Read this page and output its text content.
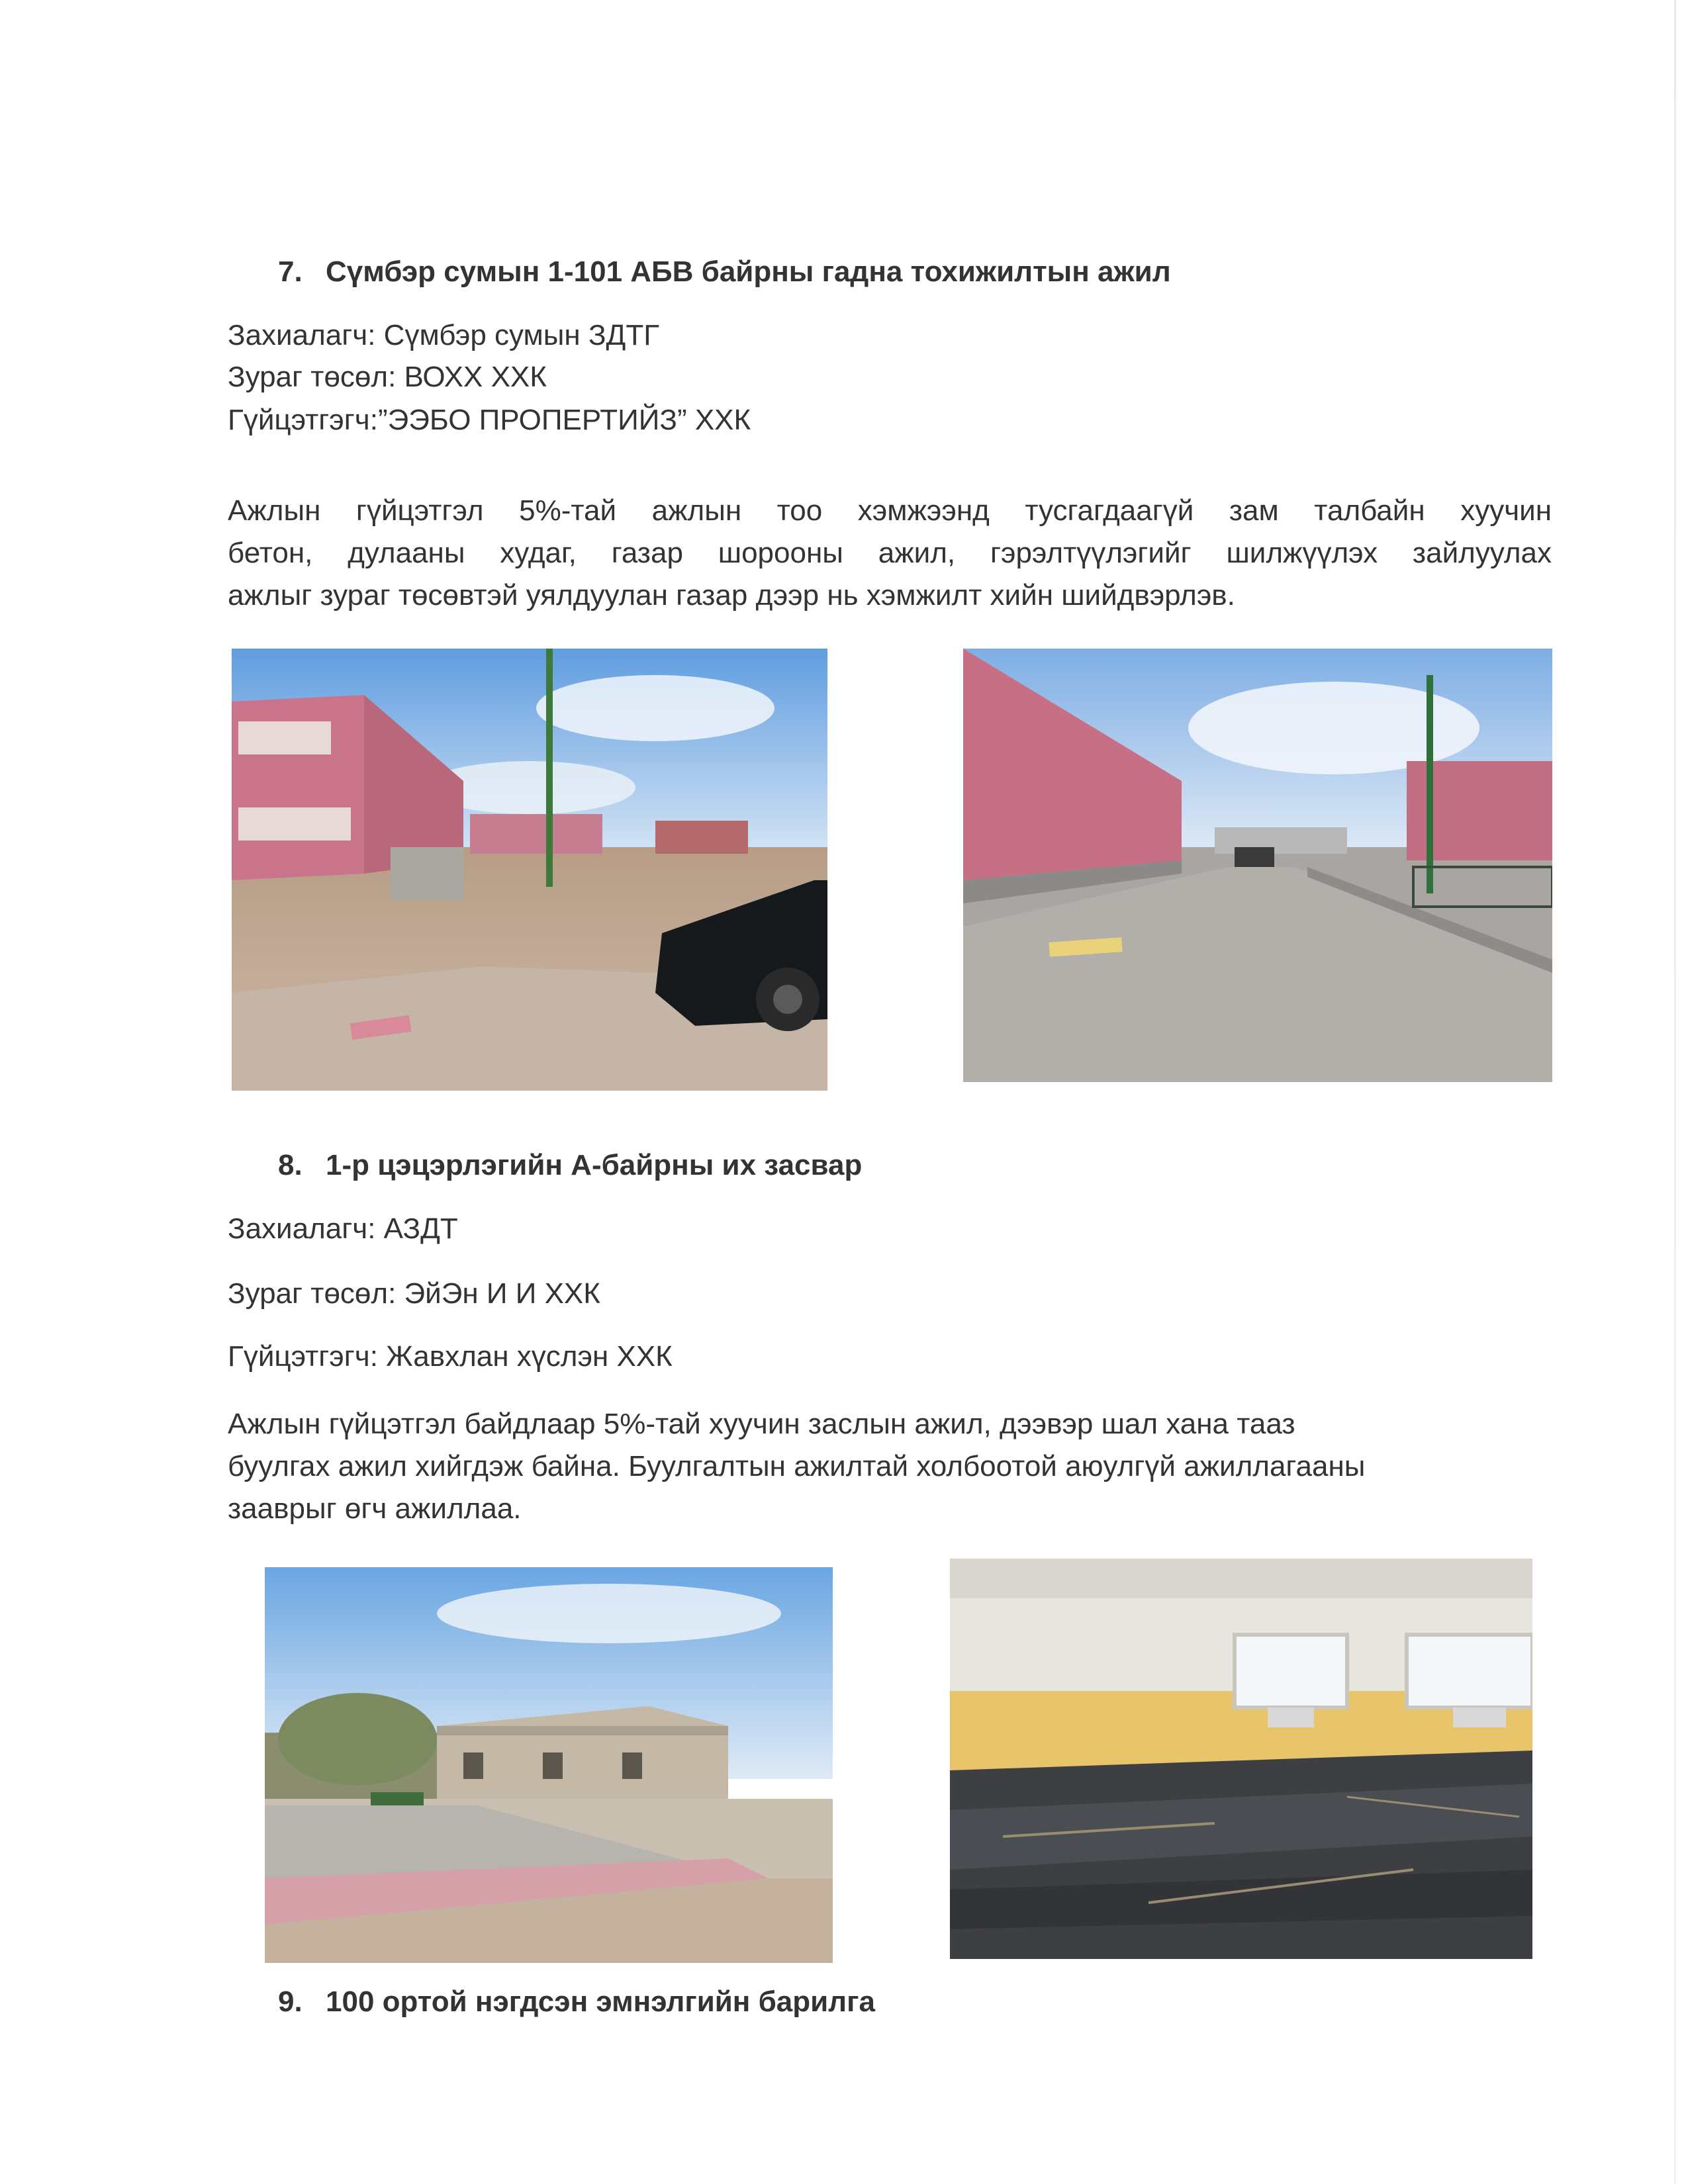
7. Сүмбэр сумын 1-101 АБВ байрны гадна тохижилтын ажил
Захиалагч: Сүмбэр сумын ЗДТГ
Зураг төсөл: ВОХХ ХХК
Гүйцэтгэгч:”ЭЭБО ПРОПЕРТИЙЗ” ХХК
Ажлын гүйцэтгэл 5%-тай ажлын тоо хэмжээнд тусгагдаагүй зам талбайн хуучин
бетон, дулааны худаг, газар шорооны ажил, гэрэлтүүлэгийг шилжүүлэх зайлуулах
ажлыг зураг төсөвтэй уялдуулан газар дээр нь хэмжилт хийн шийдвэрлэв.
8. 1-р цэцэрлэгийн А-байрны их засвар
Захиалагч: АЗДТ
Зураг төсөл: ЭйЭн И И ХХК
Гүйцэтгэгч: Жавхлан хүслэн ХХК
Ажлын гүйцэтгэл байдлаар 5%-тай хуучин заслын ажил, дээвэр шал хана тааз
буулгах ажил хийгдэж байна. Буулгалтын ажилтай холбоотой аюулгүй ажиллагааны
зааврыг өгч ажиллаа.
9. 100 ортой нэгдсэн эмнэлгийн барилга
